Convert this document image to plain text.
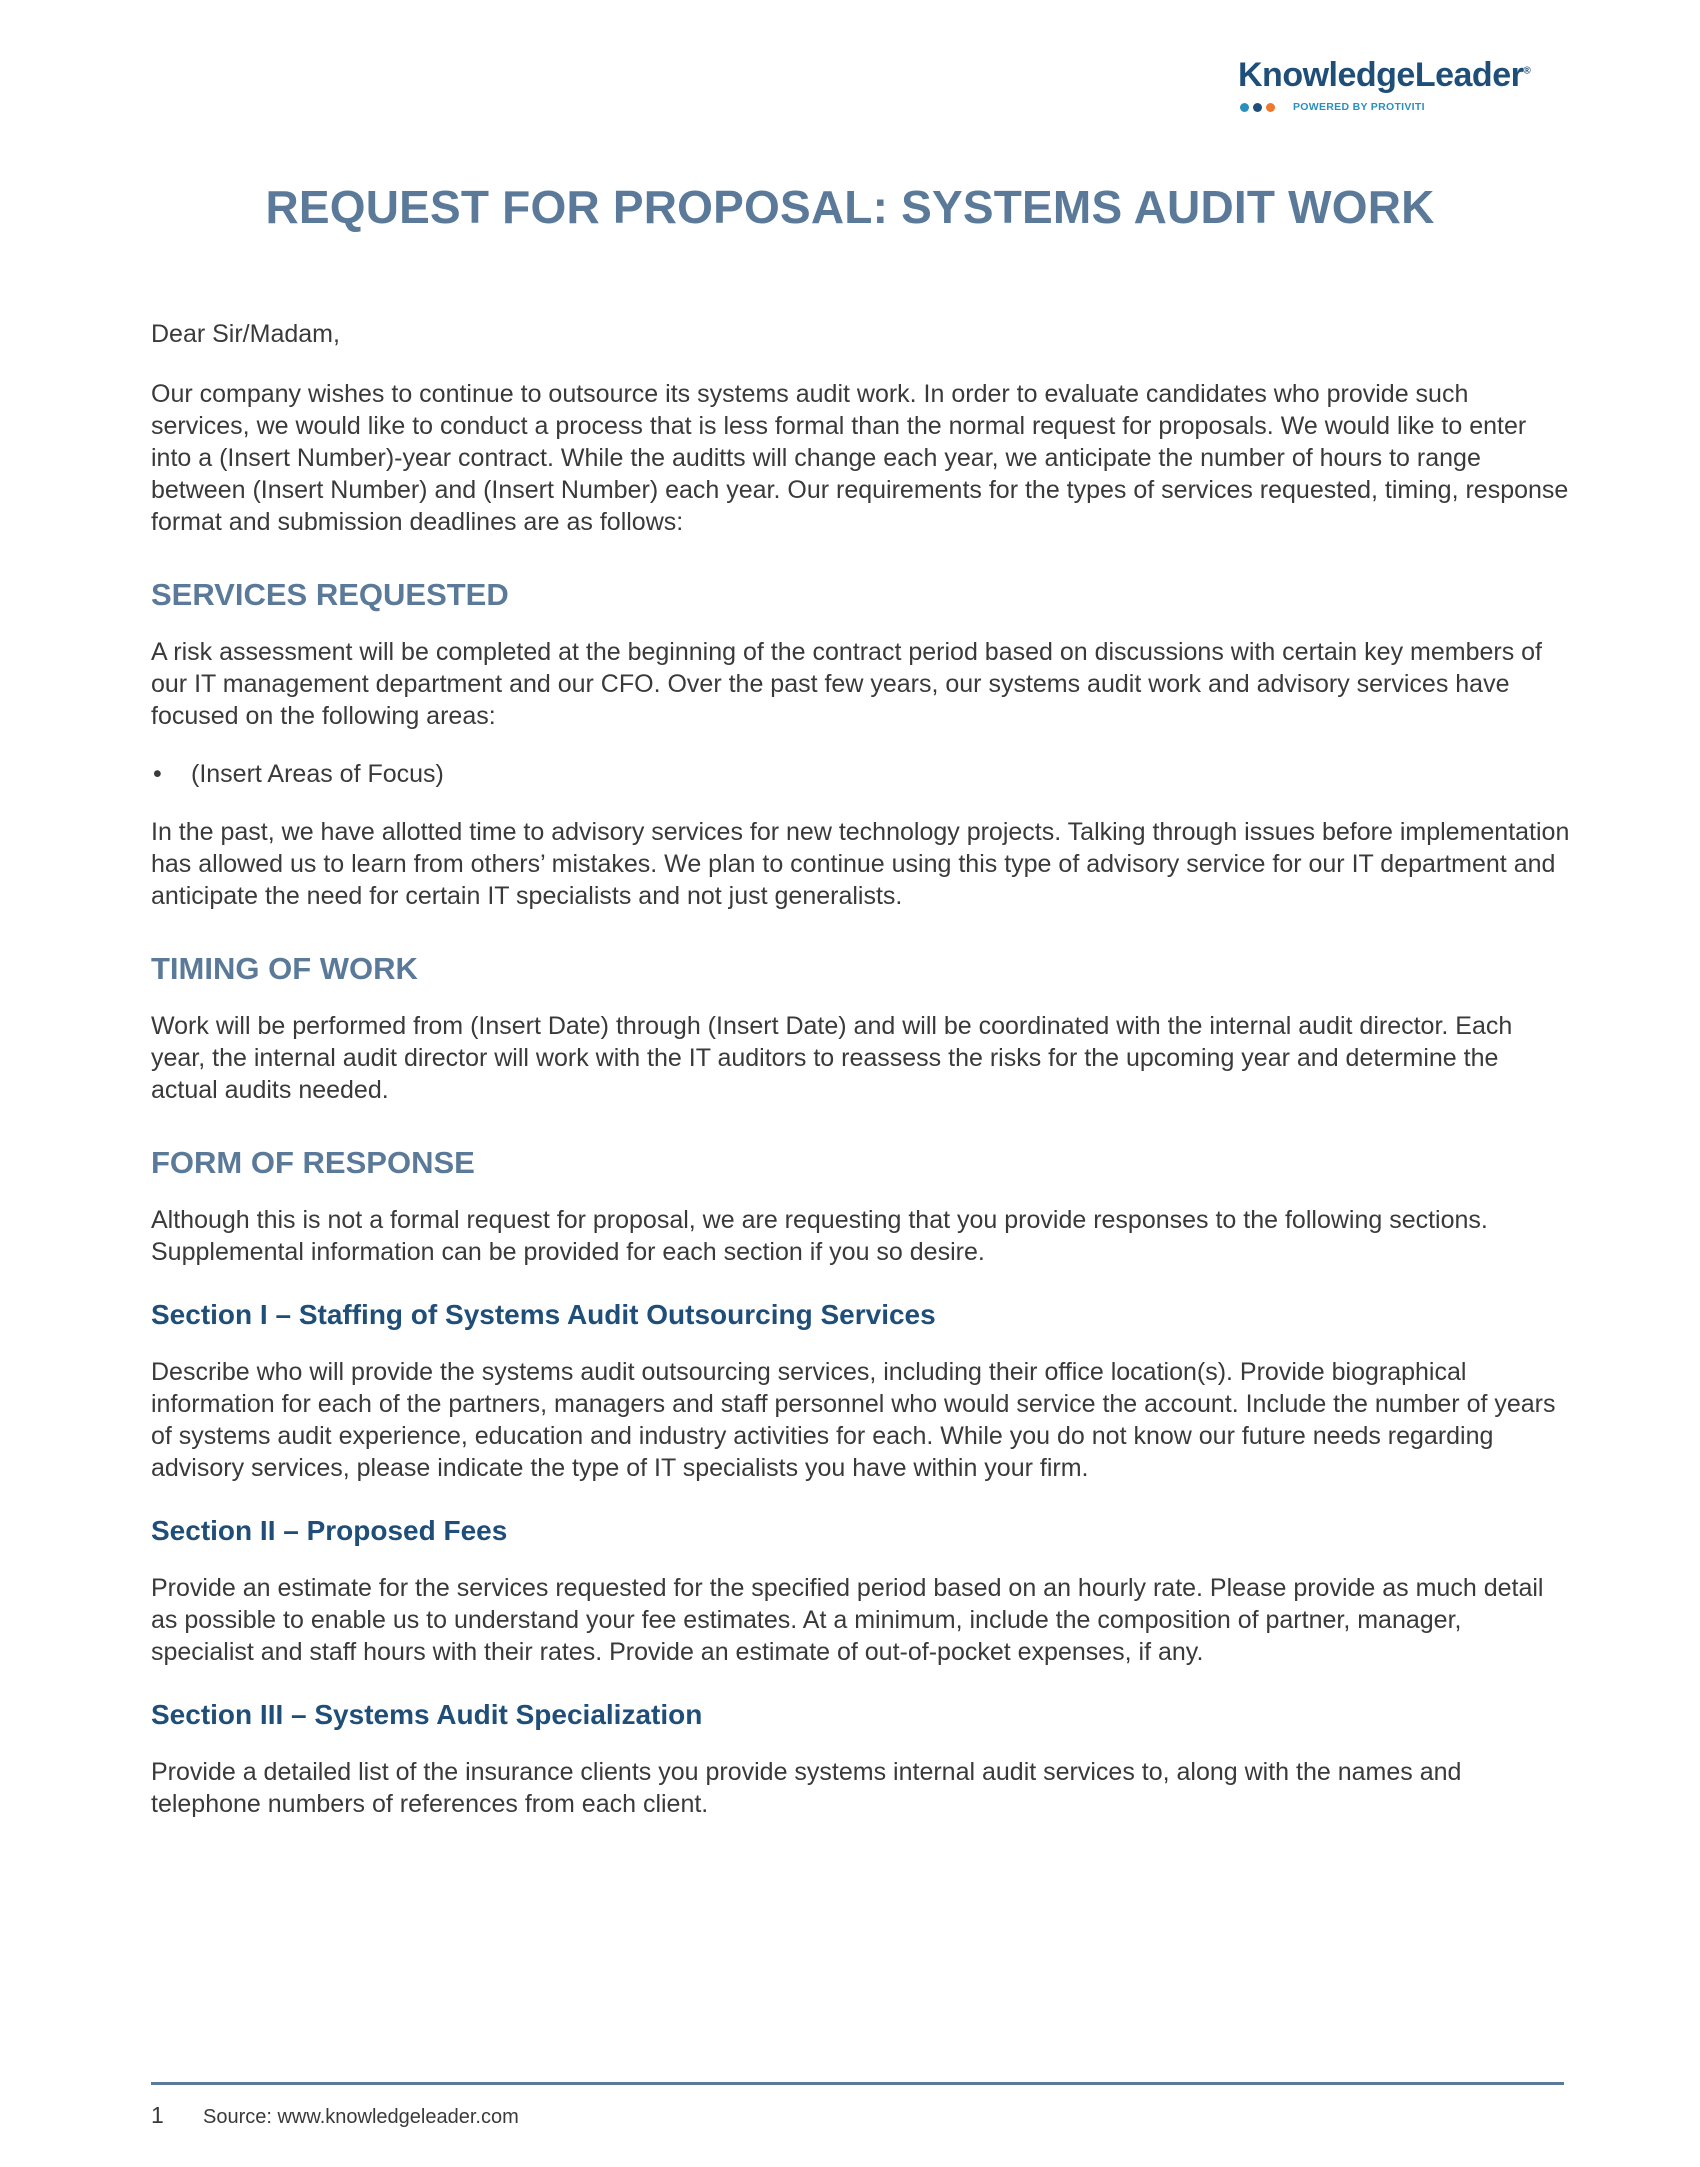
KnowledgeLeader®
POWERED BY PROTIVITI
REQUEST FOR PROPOSAL: SYSTEMS AUDIT WORK

Dear Sir/Madam,

Our company wishes to continue to outsource its systems audit work. In order to evaluate candidates who provide such services, we would like to conduct a process that is less formal than the normal request for proposals. We would like to enter into a (Insert Number)-year contract. While the auditts will change each year, we anticipate the number of hours to range between (Insert Number) and (Insert Number) each year. Our requirements for the types of services requested, timing, response format and submission deadlines are as follows:

SERVICES REQUESTED

A risk assessment will be completed at the beginning of the contract period based on discussions with certain key members of our IT management department and our CFO. Over the past few years, our systems audit work and advisory services have focused on the following areas:

•	(Insert Areas of Focus)

In the past, we have allotted time to advisory services for new technology projects. Talking through issues before implementation has allowed us to learn from others’ mistakes. We plan to continue using this type of advisory service for our IT department and anticipate the need for certain IT specialists and not just generalists.

TIMING OF WORK

Work will be performed from (Insert Date) through (Insert Date) and will be coordinated with the internal audit director. Each year, the internal audit director will work with the IT auditors to reassess the risks for the upcoming year and determine the actual audits needed.

FORM OF RESPONSE

Although this is not a formal request for proposal, we are requesting that you provide responses to the following sections. Supplemental information can be provided for each section if you so desire.

Section I – Staffing of Systems Audit Outsourcing Services

Describe who will provide the systems audit outsourcing services, including their office location(s). Provide biographical information for each of the partners, managers and staff personnel who would service the account. Include the number of years of systems audit experience, education and industry activities for each. While you do not know our future needs regarding advisory services, please indicate the type of IT specialists you have within your firm.

Section II – Proposed Fees

Provide an estimate for the services requested for the specified period based on an hourly rate. Please provide as much detail as possible to enable us to understand your fee estimates. At a minimum, include the composition of partner, manager, specialist and staff hours with their rates. Provide an estimate of out-of-pocket expenses, if any.

Section III – Systems Audit Specialization

Provide a detailed list of the insurance clients you provide systems internal audit services to, along with the names and telephone numbers of references from each client.

1	Source: www.knowledgeleader.com
